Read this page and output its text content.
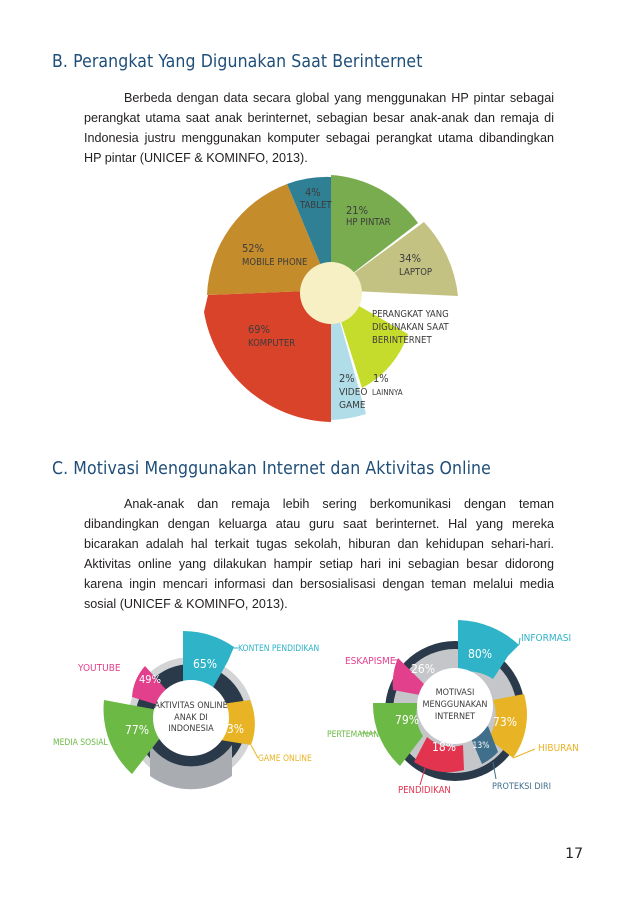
B. Perangkat Yang Digunakan Saat Berinternet

Berbeda dengan data secara global yang menggunakan HP pintar sebagai perangkat utama saat anak berinternet, sebagian besar anak-anak dan remaja di Indonesia justru menggunakan komputer sebagai perangkat utama dibandingkan HP pintar (UNICEF & KOMINFO, 2013).

C. Motivasi Menggunakan Internet dan Aktivitas Online

Anak-anak dan remaja lebih sering berkomunikasi dengan teman dibandingkan dengan keluarga atau guru saat berinternet. Hal yang mereka bicarakan adalah hal terkait tugas sekolah, hiburan dan kehidupan sehari-hari. Aktivitas online yang dilakukan hampir setiap hari ini sebagian besar didorong karena ingin mencari informasi dan bersosialisasi dengan teman melalui media sosial (UNICEF & KOMINFO, 2013).

17
4%
TABLET 21%
HP PINTAR
34%
LAPTOP
52%
MOBILE PHONE
69%
KOMPUTER
2%
VIDEO
GAME
1%
LAINNYA
PERANGKAT YANG
DIGUNAKAN SAAT
BERINTERNET
AKTIVITAS ONLINE
ANAK DI
INDONESIA
65%
63%
77%
49%
KONTEN PENDIDIKAN
GAME ONLINE
MEDIA SOSIAL
YOUTUBE
MOTIVASI
MENGGUNAKAN
INTERNET
80%
73%
13%
18%
79%
26%
INFORMASI
HIBURAN
PROTEKSI DIRI
PENDIDIKAN
PERTEMANAN
ESKAPISME
